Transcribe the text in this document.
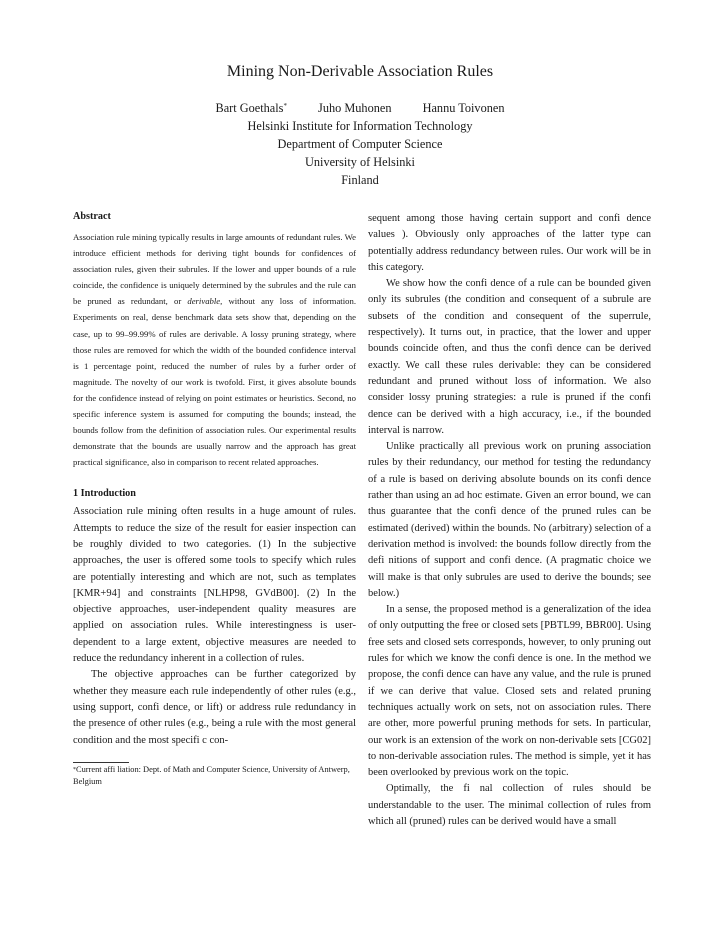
Mining Non-Derivable Association Rules
Bart Goethals*	Juho Muhonen	Hannu Toivonen
Helsinki Institute for Information Technology
Department of Computer Science
University of Helsinki
Finland

Abstract

Association rule mining typically results in large amounts of redundant rules. We introduce efficient methods for deriving tight bounds for confidences of association rules, given their subrules. If the lower and upper bounds of a rule coincide, the confidence is uniquely determined by the subrules and the rule can be pruned as redundant, or derivable, without any loss of information. Experiments on real, dense benchmark data sets show that, depending on the case, up to 99–99.99% of rules are derivable. A lossy pruning strategy, where those rules are removed for which the width of the bounded confidence interval is 1 percentage point, reduced the number of rules by a furher order of magnitude. The novelty of our work is twofold. First, it gives absolute bounds for the confidence instead of relying on point estimates or heuristics. Second, no specific inference system is assumed for computing the bounds; instead, the bounds follow from the definition of association rules. Our experimental results demonstrate that the bounds are usually narrow and the approach has great practical significance, also in comparison to recent related approaches.

1 Introduction

Association rule mining often results in a huge amount of rules. Attempts to reduce the size of the result for easier inspection can be roughly divided to two categories. (1) In the subjective approaches, the user is offered some tools to specify which rules are potentially interesting and which are not, such as templates [KMR+94] and constraints [NLHP98, GVdB00]. (2) In the objective approaches, user-independent quality measures are applied on association rules. While interestingness is user-dependent to a large extent, objective measures are needed to reduce the redundancy inherent in a collection of rules.

The objective approaches can be further categorized by whether they measure each rule independently of other rules (e.g., using support, confi dence, or lift) or address rule redundancy in the presence of other rules (e.g., being a rule with the most general condition and the most specifi c con-

*Current affi liation: Dept. of Math and Computer Science, University of Antwerp, Belgium

sequent among those having certain support and confi dence values ). Obviously only approaches of the latter type can potentially address redundancy between rules. Our work will be in this category.

We show how the confi dence of a rule can be bounded given only its subrules (the condition and consequent of a subrule are subsets of the condition and consequent of the superrule, respectively). It turns out, in practice, that the lower and upper bounds coincide often, and thus the confi dence can be derived exactly. We call these rules derivable: they can be considered redundant and pruned without loss of information. We also consider lossy pruning strategies: a rule is pruned if the confi dence can be derived with a high accuracy, i.e., if the bounded interval is narrow.

Unlike practically all previous work on pruning association rules by their redundancy, our method for testing the redundancy of a rule is based on deriving absolute bounds on its confi dence rather than using an ad hoc estimate. Given an error bound, we can thus guarantee that the confi dence of the pruned rules can be estimated (derived) within the bounds. No (arbitrary) selection of a derivation method is involved: the bounds follow directly from the defi nitions of support and confi dence. (A pragmatic choice we will make is that only subrules are used to derive the bounds; see below.)

In a sense, the proposed method is a generalization of the idea of only outputting the free or closed sets [PBTL99, BBR00]. Using free sets and closed sets corresponds, however, to only pruning out rules for which we know the confi dence is one. In the method we propose, the confi dence can have any value, and the rule is pruned if we can derive that value. Closed sets and related pruning techniques actually work on sets, not on association rules. There are other, more powerful pruning methods for sets. In particular, our work is an extension of the work on non-derivable sets [CG02] to non-derivable association rules. The method is simple, yet it has been overlooked by previous work on the topic.

Optimally, the fi nal collection of rules should be understandable to the user. The minimal collection of rules from which all (pruned) rules can be derived would have a small
